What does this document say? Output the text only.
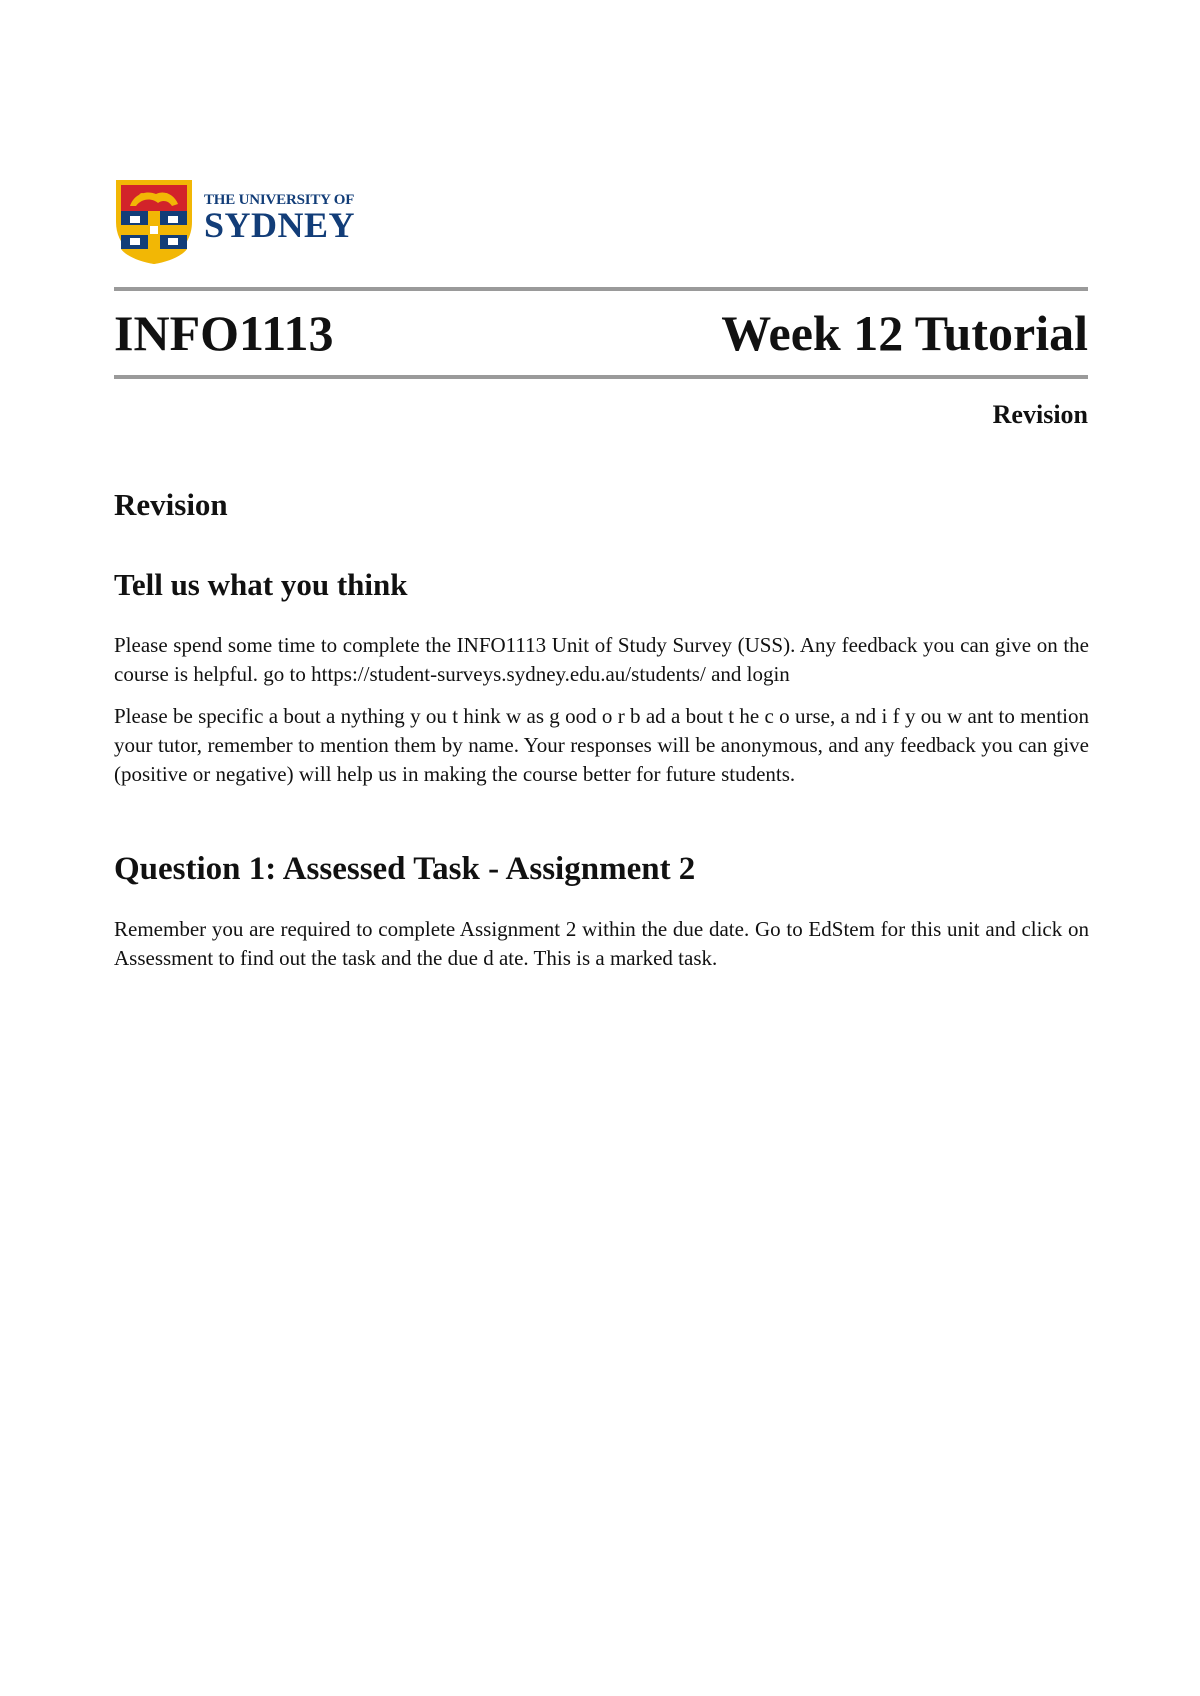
THE UNIVERSITY OF
SYDNEY
INFO1113	Week 12 Tutorial
Revision
Revision
Tell us what you think

Please spend some time to complete the INFO1113 Unit of Study Survey (USS). Any feedback you can give on the course is helpful. go to https://student-surveys.sydney.edu.au/students/ and login

Please be specific a bout a nything y ou t hink w as g ood o r b ad a bout t he c o urse, a nd i f y ou w ant to mention your tutor, remember to mention them by name. Your responses will be anonymous, and any feedback you can give (positive or negative) will help us in making the course better for future students.

Question 1: Assessed Task - Assignment 2

Remember you are required to complete Assignment 2 within the due date. Go to EdStem for this unit and click on Assessment to find out the task and the due d ate. This is a marked task.
